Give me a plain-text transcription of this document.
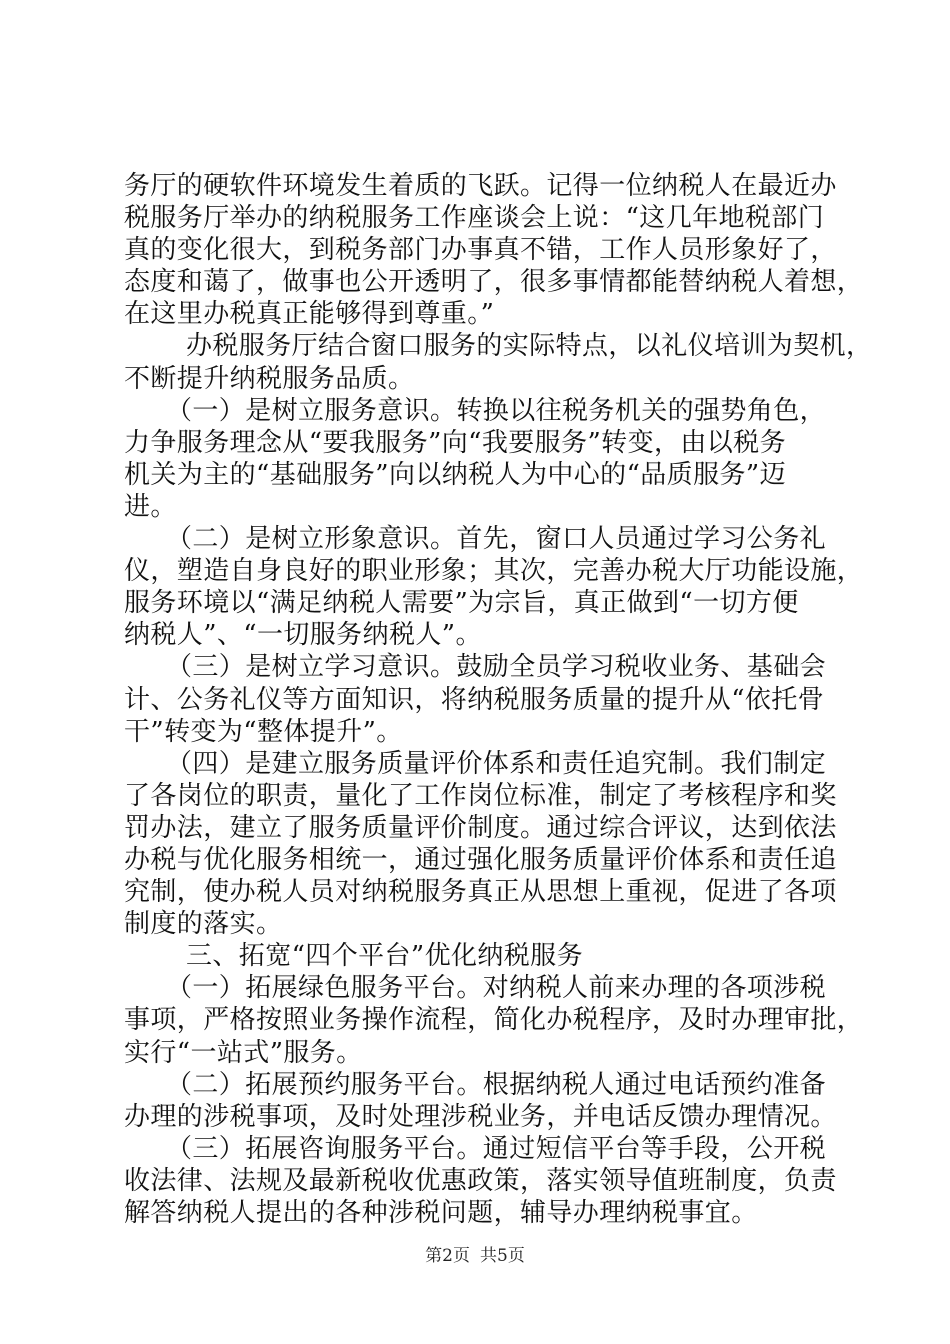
务厅的硬软件环境发生着质的飞跃。记得一位纳税人在最近办
税服务厅举办的纳税服务工作座谈会上说：“这几年地税部门
真的变化很大，到税务部门办事真不错，工作人员形象好了，
态度和蔼了，做事也公开透明了，很多事情都能替纳税人着想，
在这里办税真正能够得到尊重。”
办税服务厅结合窗口服务的实际特点，以礼仪培训为契机，
不断提升纳税服务品质。
（一）是树立服务意识。转换以往税务机关的强势角色，
力争服务理念从“要我服务”向“我要服务”转变，由以税务
机关为主的“基础服务”向以纳税人为中心的“品质服务”迈
进。
（二）是树立形象意识。首先，窗口人员通过学习公务礼
仪，塑造自身良好的职业形象；其次，完善办税大厅功能设施，
服务环境以“满足纳税人需要”为宗旨，真正做到“一切方便
纳税人”、“一切服务纳税人”。
（三）是树立学习意识。鼓励全员学习税收业务、基础会
计、公务礼仪等方面知识，将纳税服务质量的提升从“依托骨
干”转变为“整体提升”。
（四）是建立服务质量评价体系和责任追究制。我们制定
了各岗位的职责，量化了工作岗位标准，制定了考核程序和奖
罚办法，建立了服务质量评价制度。通过综合评议，达到依法
办税与优化服务相统一，通过强化服务质量评价体系和责任追
究制，使办税人员对纳税服务真正从思想上重视，促进了各项
制度的落实。
三、拓宽“四个平台”优化纳税服务
（一）拓展绿色服务平台。对纳税人前来办理的各项涉税
事项，严格按照业务操作流程，简化办税程序，及时办理审批，
实行“一站式”服务。
（二）拓展预约服务平台。根据纳税人通过电话预约准备
办理的涉税事项，及时处理涉税业务，并电话反馈办理情况。
（三）拓展咨询服务平台。通过短信平台等手段，公开税
收法律、法规及最新税收优惠政策，落实领导值班制度，负责
解答纳税人提出的各种涉税问题，辅导办理纳税事宜。
第2页 共5页
